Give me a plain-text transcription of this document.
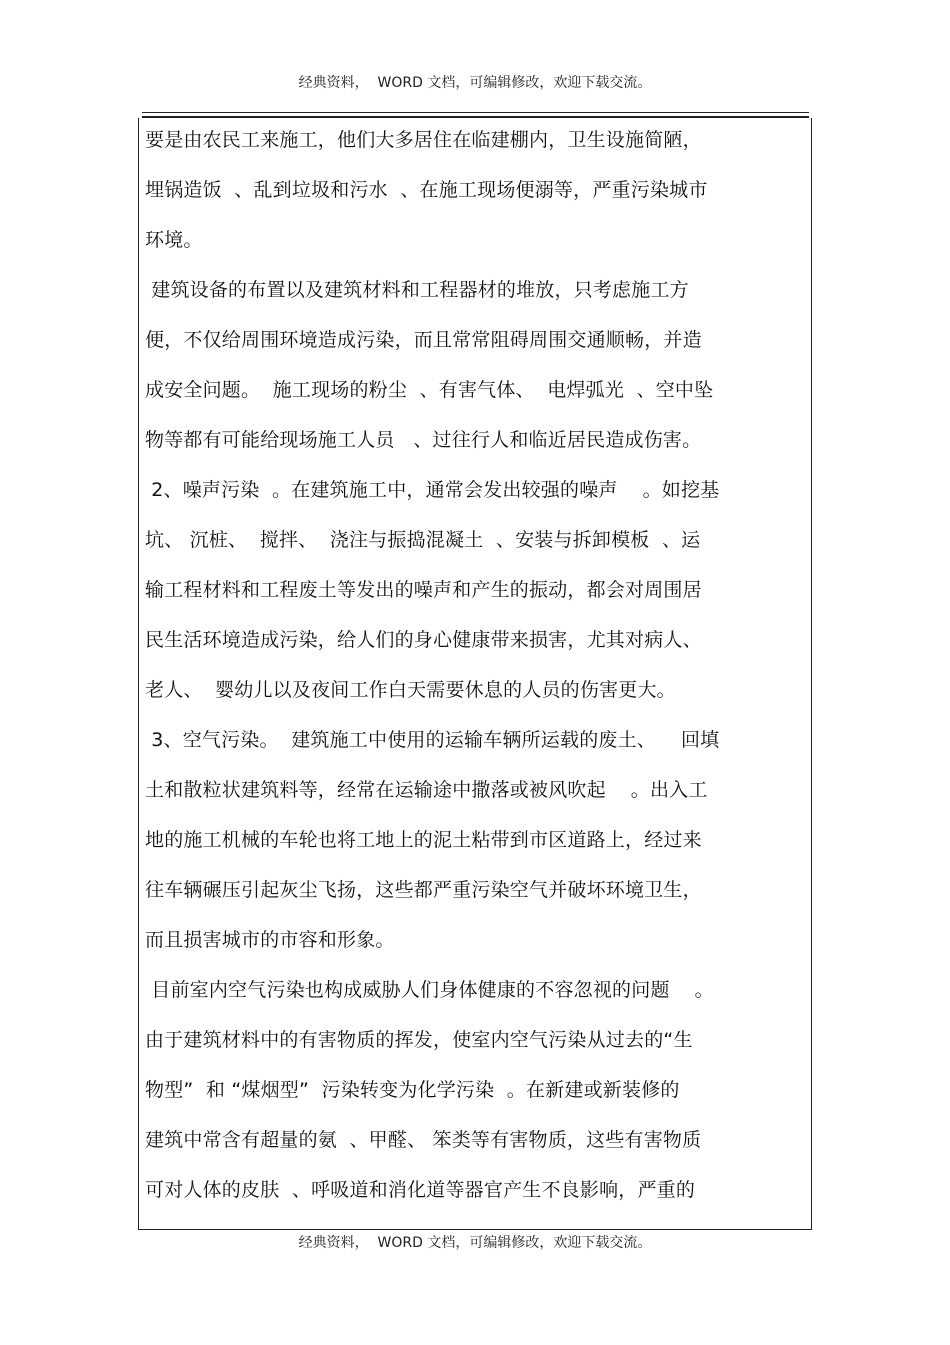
经典资料，  WORD 文档，可编辑修改，欢迎下载交流。
要是由农民工来施工，他们大多居住在临建棚内，卫生设施简陋，
埋锅造饭  、乱到垃圾和污水  、在施工现场便溺等，严重污染城市
环境。
建筑设备的布置以及建筑材料和工程器材的堆放，只考虑施工方
便，不仅给周围环境造成污染，而且常常阻碍周围交通顺畅，并造
成安全问题。  施工现场的粉尘  、有害气体、  电焊弧光  、空中坠
物等都有可能给现场施工人员   、过往行人和临近居民造成伤害。
2、噪声污染  。在建筑施工中，通常会发出较强的噪声    。如挖基
坑、 沉桩、  搅拌、  浇注与振捣混凝土  、安装与拆卸模板  、运
输工程材料和工程废土等发出的噪声和产生的振动，都会对周围居
民生活环境造成污染，给人们的身心健康带来损害，尤其对病人、
老人、  婴幼儿以及夜间工作白天需要休息的人员的伤害更大。
3、空气污染。  建筑施工中使用的运输车辆所运载的废土、    回填
土和散粒状建筑料等，经常在运输途中撒落或被风吹起    。出入工
地的施工机械的车轮也将工地上的泥土粘带到市区道路上，经过来
往车辆碾压引起灰尘飞扬，这些都严重污染空气并破坏环境卫生，
而且损害城市的市容和形象。
目前室内空气污染也构成威胁人们身体健康的不容忽视的问题    。
由于建筑材料中的有害物质的挥发，使室内空气污染从过去的“生
物型”  和 “煤烟型”  污染转变为化学污染  。在新建或新装修的
建筑中常含有超量的氨  、甲醛、 笨类等有害物质，这些有害物质
可对人体的皮肤  、呼吸道和消化道等器官产生不良影响，严重的
经典资料，  WORD 文档，可编辑修改，欢迎下载交流。
